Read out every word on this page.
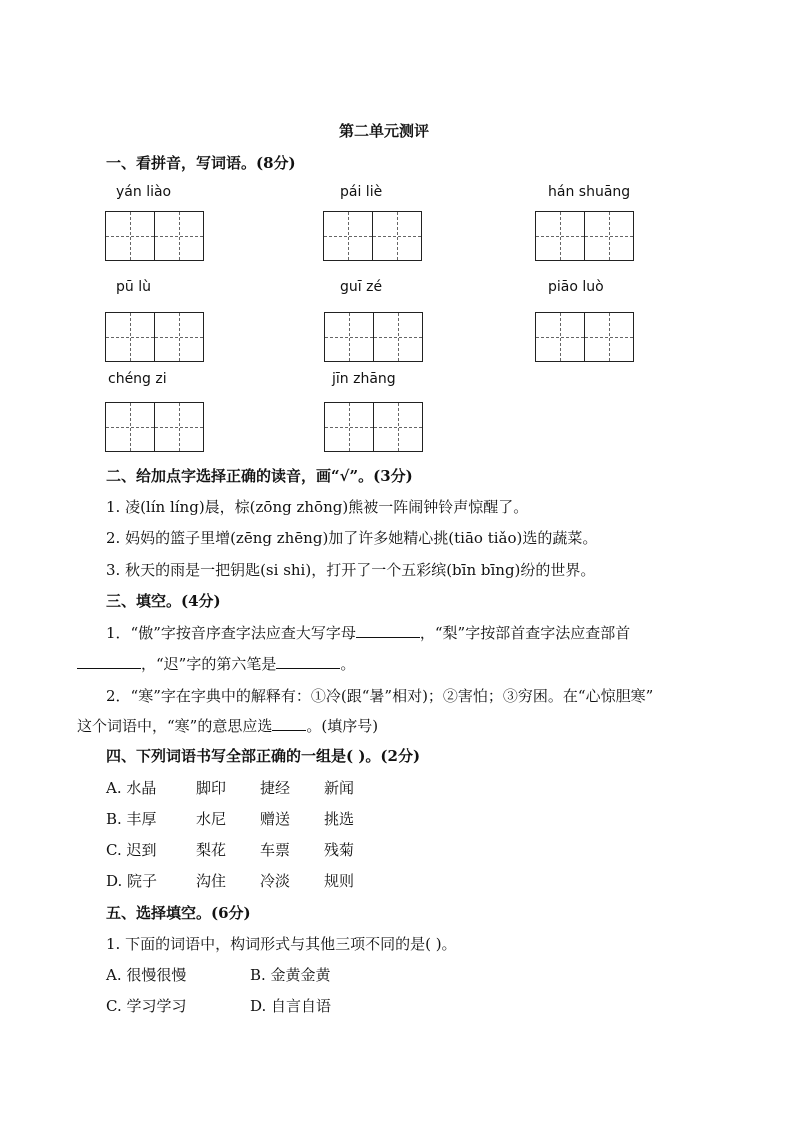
第二单元测评
一、看拼音，写词语。(8分)
yán liào	pái liè	hán shuāng
pū lù	guī zé	piāo luò
chéng zi	jīn zhāng
二、给加点字选择正确的读音，画“√”。(3分)
1. 凌(lín líng)晨，棕(zōng zhōng)熊被一阵闹钟铃声惊醒了。
2. 妈妈的篮子里增(zēng zhēng)加了许多她精心挑(tiāo tiǎo)选的蔬菜。
3. 秋天的雨是一把钥匙(si shi)，打开了一个五彩缤(bīn bīng)纷的世界。
三、填空。(4分)
1．“傲”字按音序查字法应查大写字母	，“梨”字按部首查字法应查部首
，“迟”字的第六笔是	。
2．“寒”字在字典中的解释有：①冷(跟“暑”相对)；②害怕；③穷困。在“心惊胆寒”
这个词语中，“寒”的意思应选 。(填序号)
四、下列词语书写全部正确的一组是( )。(2分)
A. 水晶	脚印 捷经 新闻
B. 丰厚	水尼 赠送 挑选
C. 迟到	梨花 车票 残菊
D. 院子	沟住 冷淡 规则
五、选择填空。(6分)
1. 下面的词语中，构词形式与其他三项不同的是( )。
A. 很慢很慢	B. 金黄金黄
C. 学习学习	D. 自言自语
